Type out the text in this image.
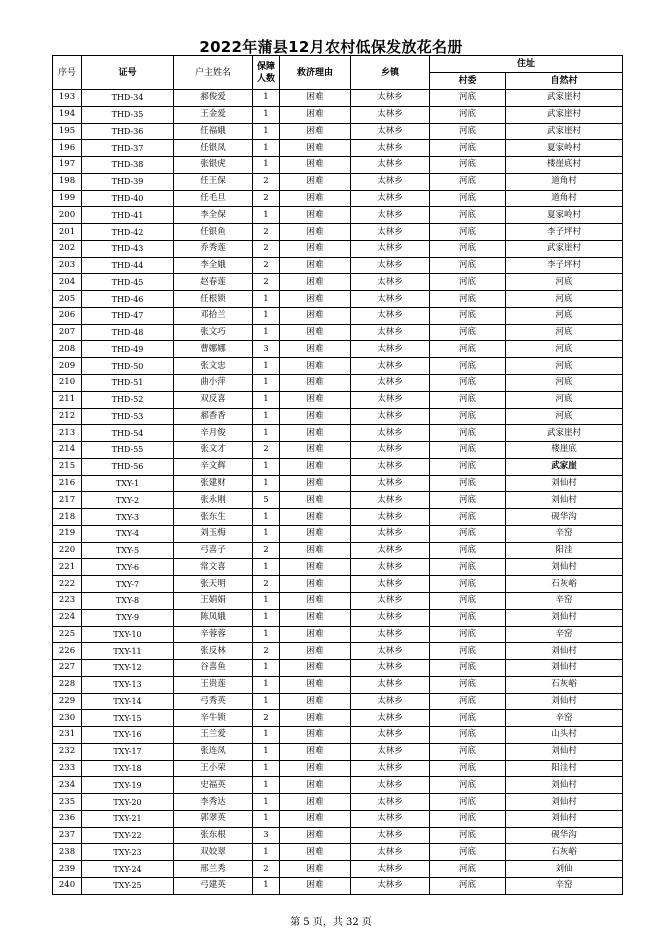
2022年蒲县12月农村低保发放花名册
序号	证号	户主姓名	保障人数	救济理由	乡镇	住址	
						村委	自然村
193	THD-34	郝俊爱	1	困难	太林乡	河底	武家崖村
194	THD-35	王金爱	1	困难	太林乡	河底	武家崖村
195	THD-36	任福娥	1	困难	太林乡	河底	武家崖村
196	THD-37	任银凤	1	困难	太林乡	河底	夏家岭村
197	THD-38	张银虎	1	困难	太林乡	河底	楼崖底村
198	THD-39	任王保	2	困难	太林乡	河底	道角村
199	THD-40	任毛旦	2	困难	太林乡	河底	道角村
200	THD-41	李全保	1	困难	太林乡	河底	夏家岭村
201	THD-42	任银鱼	2	困难	太林乡	河底	李子坪村
202	THD-43	乔秀莲	2	困难	太林乡	河底	武家崖村
203	THD-44	李全娥	2	困难	太林乡	河底	李子坪村
204	THD-45	赵春莲	2	困难	太林乡	河底	河底
205	THD-46	任根锁	1	困难	太林乡	河底	河底
206	THD-47	邓拾兰	1	困难	太林乡	河底	河底
207	THD-48	张文巧	1	困难	太林乡	河底	河底
208	THD-49	曹娜娜	3	困难	太林乡	河底	河底
209	THD-50	张文忠	1	困难	太林乡	河底	河底
210	THD-51	曲小萍	1	困难	太林乡	河底	河底
211	THD-52	双反喜	1	困难	太林乡	河底	河底
212	THD-53	郝香香	1	困难	太林乡	河底	河底
213	THD-54	辛月俊	1	困难	太林乡	河底	武家崖村
214	THD-55	张文才	2	困难	太林乡	河底	楼崖底
215	THD-56	辛文辉	1	困难	太林乡	河底	武家崖
216	TXY-1	张建财	1	困难	太林乡	河底	刘仙村
217	TXY-2	张永刚	5	困难	太林乡	河底	刘仙村
218	TXY-3	张东生	1	困难	太林乡	河底	砚华沟
219	TXY-4	刘玉梅	1	困难	太林乡	河底	辛窑
220	TXY-5	弓喜子	2	困难	太林乡	河底	阳洼
221	TXY-6	常文喜	1	困难	太林乡	河底	刘仙村
222	TXY-7	张天明	2	困难	太林乡	河底	石灰峪
223	TXY-8	王娟娟	1	困难	太林乡	河底	辛窑
224	TXY-9	陈凤娥	1	困难	太林乡	河底	刘仙村
225	TXY-10	辛蓉蓉	1	困难	太林乡	河底	辛窑
226	TXY-11	张反林	2	困难	太林乡	河底	刘仙村
227	TXY-12	谷喜鱼	1	困难	太林乡	河底	刘仙村
228	TXY-13	王贵莲	1	困难	太林乡	河底	石灰峪
229	TXY-14	弓秀英	1	困难	太林乡	河底	刘仙村
230	TXY-15	辛牛锁	2	困难	太林乡	河底	辛窑
231	TXY-16	王兰爱	1	困难	太林乡	河底	山头村
232	TXY-17	张连凤	1	困难	太林乡	河底	刘仙村
233	TXY-18	王小荣	1	困难	太林乡	河底	阳洼村
234	TXY-19	史福英	1	困难	太林乡	河底	刘仙村
235	TXY-20	李秀达	1	困难	太林乡	河底	刘仙村
236	TXY-21	郭翠英	1	困难	太林乡	河底	刘仙村
237	TXY-22	张东根	3	困难	太林乡	河底	砚华沟
238	TXY-23	双姣翠	1	困难	太林乡	河底	石灰峪
239	TXY-24	邢兰秀	2	困难	太林乡	河底	刘仙
240	TXY-25	弓建英	1	困难	太林乡	河底	辛窑
第 5 页，共 32 页
